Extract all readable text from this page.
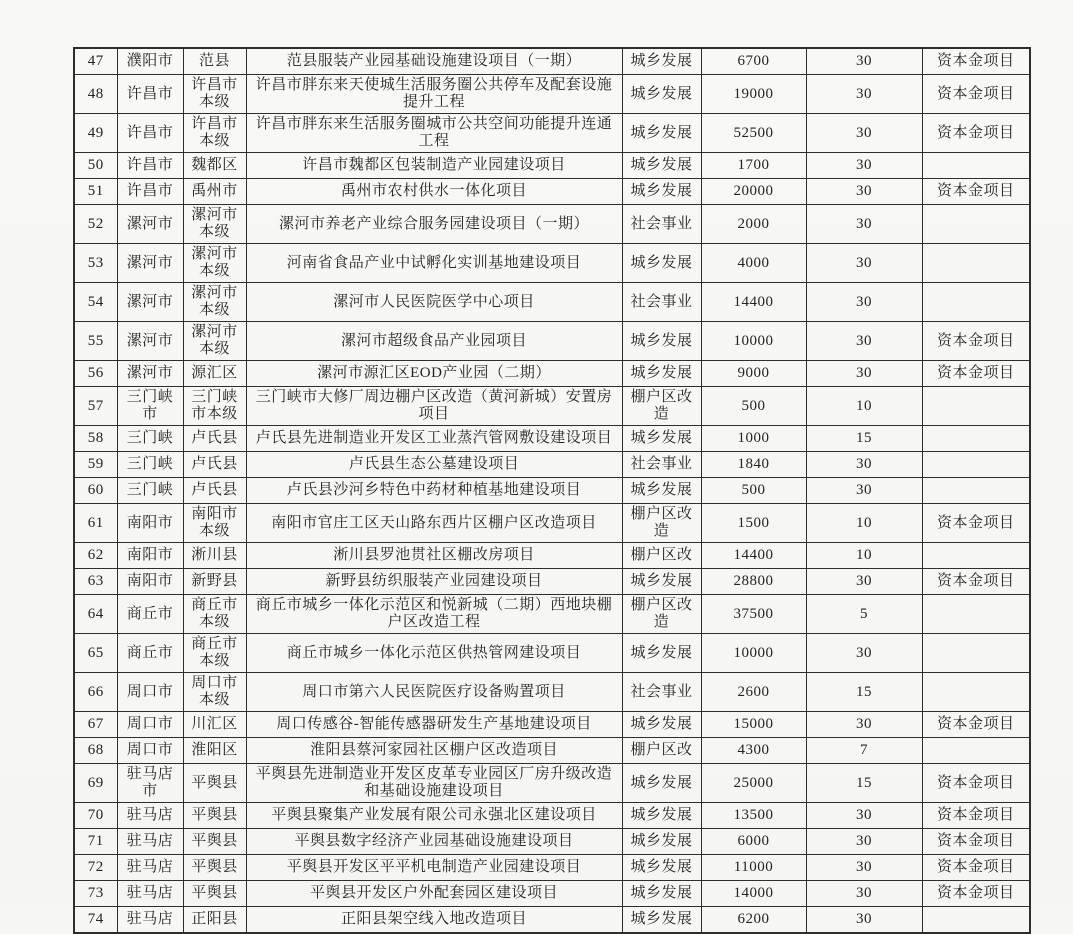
47	濮阳市	范县	范县服装产业园基础设施建设项目（一期）	城乡发展	6700	30	资本金项目
48	许昌市	许昌市本级	许昌市胖东来天使城生活服务圈公共停车及配套设施提升工程	城乡发展	19000	30	资本金项目
49	许昌市	许昌市本级	许昌市胖东来生活服务圈城市公共空间功能提升连通工程	城乡发展	52500	30	资本金项目
50	许昌市	魏都区	许昌市魏都区包装制造产业园建设项目	城乡发展	1700	30	
51	许昌市	禹州市	禹州市农村供水一体化项目	城乡发展	20000	30	资本金项目
52	漯河市	漯河市本级	漯河市养老产业综合服务园建设项目（一期）	社会事业	2000	30	
53	漯河市	漯河市本级	河南省食品产业中试孵化实训基地建设项目	城乡发展	4000	30	
54	漯河市	漯河市本级	漯河市人民医院医学中心项目	社会事业	14400	30	
55	漯河市	漯河市本级	漯河市超级食品产业园项目	城乡发展	10000	30	资本金项目
56	漯河市	源汇区	漯河市源汇区EOD产业园（二期）	城乡发展	9000	30	资本金项目
57	三门峡市	三门峡市本级	三门峡市大修厂周边棚户区改造（黄河新城）安置房项目	棚户区改造	500	10	
58	三门峡	卢氏县	卢氏县先进制造业开发区工业蒸汽管网敷设建设项目	城乡发展	1000	15	
59	三门峡	卢氏县	卢氏县生态公墓建设项目	社会事业	1840	30	
60	三门峡	卢氏县	卢氏县沙河乡特色中药材种植基地建设项目	城乡发展	500	30	
61	南阳市	南阳市本级	南阳市官庄工区天山路东西片区棚户区改造项目	棚户区改造	1500	10	资本金项目
62	南阳市	淅川县	淅川县罗池贯社区棚改房项目	棚户区改	14400	10	
63	南阳市	新野县	新野县纺织服装产业园建设项目	城乡发展	28800	30	资本金项目
64	商丘市	商丘市本级	商丘市城乡一体化示范区和悦新城（二期）西地块棚户区改造工程	棚户区改造	37500	5	
65	商丘市	商丘市本级	商丘市城乡一体化示范区供热管网建设项目	城乡发展	10000	30	
66	周口市	周口市本级	周口市第六人民医院医疗设备购置项目	社会事业	2600	15	
67	周口市	川汇区	周口传感谷-智能传感器研发生产基地建设项目	城乡发展	15000	30	资本金项目
68	周口市	淮阳区	淮阳县蔡河家园社区棚户区改造项目	棚户区改	4300	7	
69	驻马店市	平舆县	平舆县先进制造业开发区皮革专业园区厂房升级改造和基础设施建设项目	城乡发展	25000	15	资本金项目
70	驻马店	平舆县	平舆县聚集产业发展有限公司永强北区建设项目	城乡发展	13500	30	资本金项目
71	驻马店	平舆县	平舆县数字经济产业园基础设施建设项目	城乡发展	6000	30	资本金项目
72	驻马店	平舆县	平舆县开发区平平机电制造产业园建设项目	城乡发展	11000	30	资本金项目
73	驻马店	平舆县	平舆县开发区户外配套园区建设项目	城乡发展	14000	30	资本金项目
74	驻马店	正阳县	正阳县架空线入地改造项目	城乡发展	6200	30	
